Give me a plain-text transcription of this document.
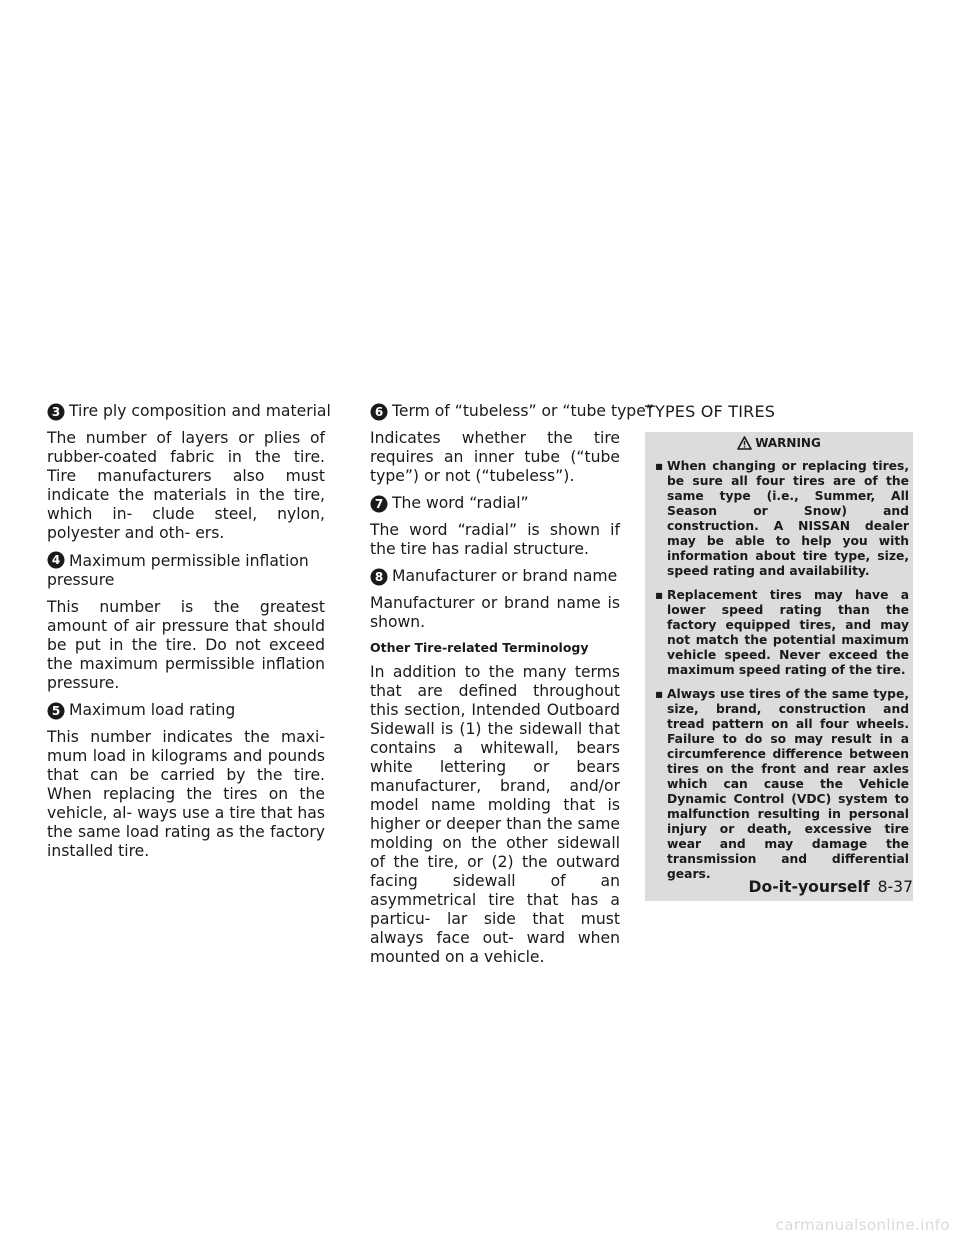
3 Tire ply composition and material

The number of layers or plies of rubber-coated fabric in the tire. Tire manufacturers also must indicate the materials in the tire, which in- clude steel, nylon, polyester and oth- ers.

4 Maximum permissible inflation pressure

This number is the greatest amount of air pressure that should be put in the tire. Do not exceed the maximum permissible inflation pressure.

5 Maximum load rating

This number indicates the maxi- mum load in kilograms and pounds that can be carried by the tire. When replacing the tires on the vehicle, al- ways use a tire that has the same load rating as the factory installed tire.

6 Term of “tubeless” or “tube type”

Indicates whether the tire requires an inner tube (“tube type”) or not (“tubeless”).

7 The word “radial”

The word “radial” is shown if the tire has radial structure.

8 Manufacturer or brand name

Manufacturer or brand name is shown.

Other Tire-related Terminology

In addition to the many terms that are defined throughout this section, Intended Outboard Sidewall is (1) the sidewall that contains a whitewall, bears white lettering or bears manufacturer, brand, and/or model name molding that is higher or deeper than the same molding on the other sidewall of the tire, or (2) the outward facing sidewall of an asymmetrical tire that has a particu- lar side that must always face out- ward when mounted on a vehicle.

TYPES OF TIRES
WARNING
▪ When changing or replacing tires, be sure all four tires are of the same type (i.e., Summer, All Season or Snow) and construction. A NISSAN dealer may be able to help you with information about tire type, size, speed rating and availability.
▪ Replacement tires may have a lower speed rating than the factory equipped tires, and may not match the potential maximum vehicle speed. Never exceed the maximum speed rating of the tire.
▪ Always use tires of the same type, size, brand, construction and tread pattern on all four wheels. Failure to do so may result in a circumference difference between tires on the front and rear axles which can cause the Vehicle Dynamic Control (VDC) system to malfunction resulting in personal injury or death, excessive tire wear and may damage the transmission and differential gears.
Do-it-yourself 8-37
carmanualsonline.info
